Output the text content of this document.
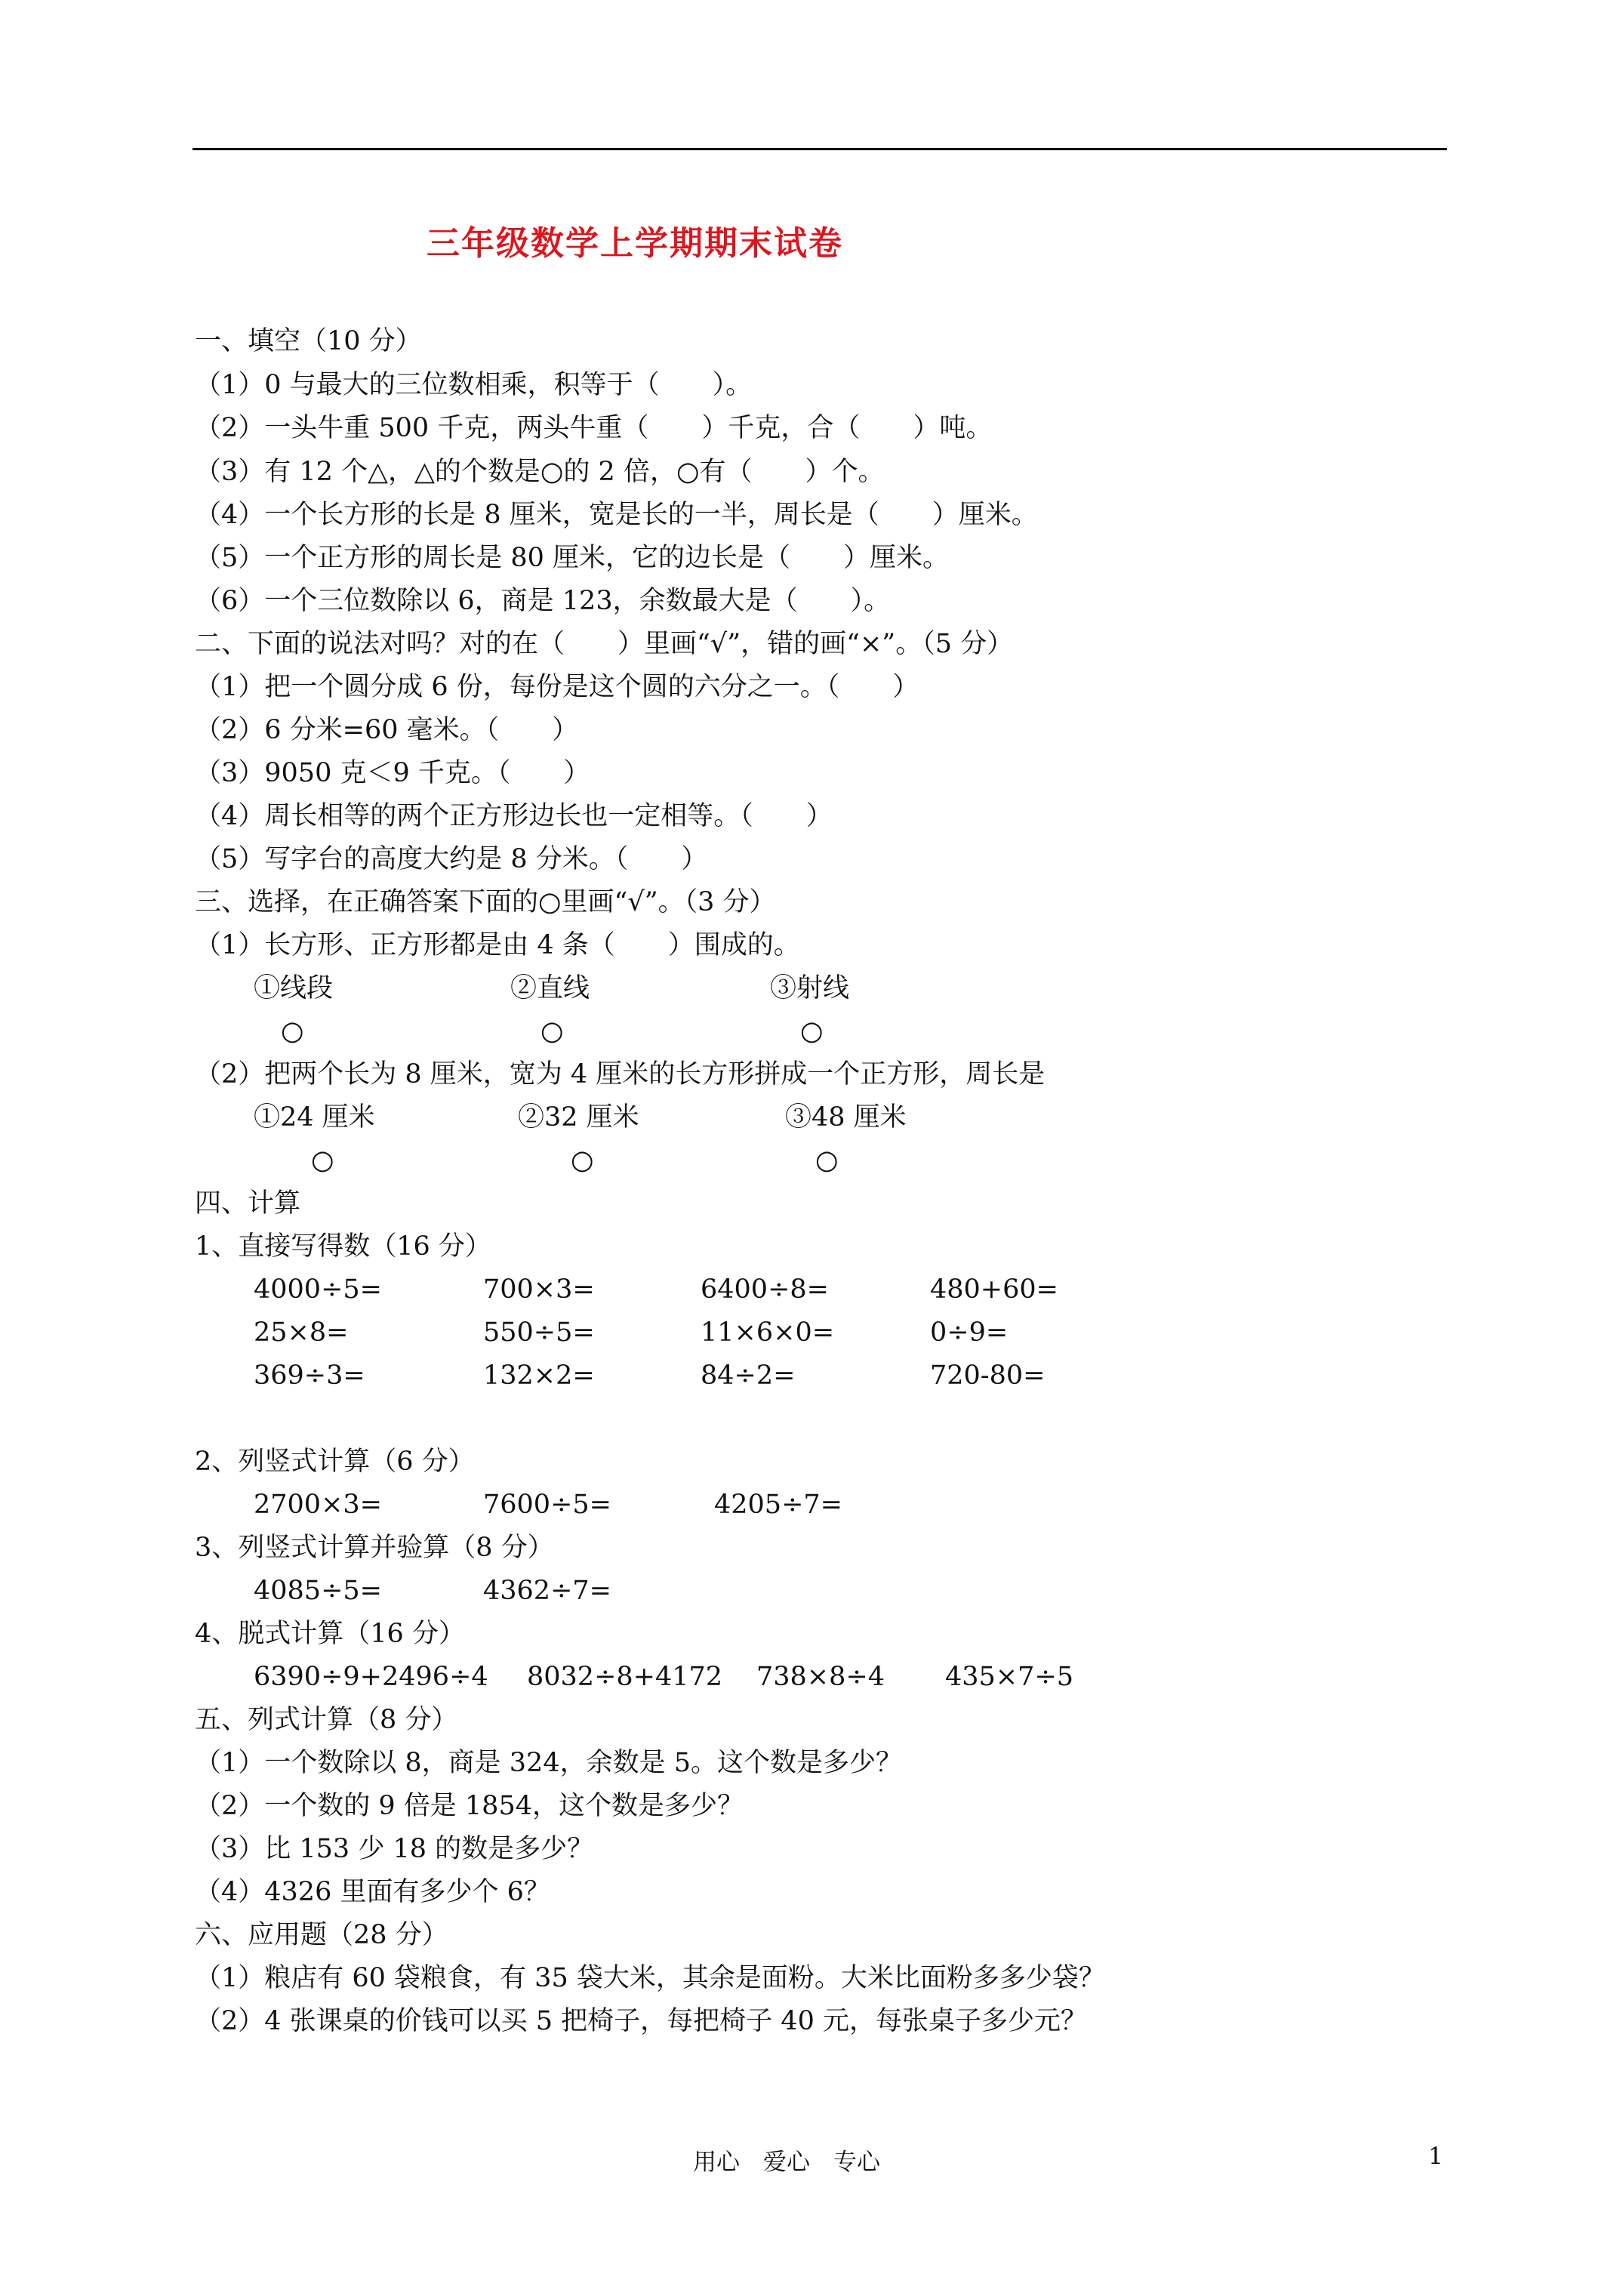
三年级数学上学期期末试卷
一、填空（10 分）
（1）0 与最大的三位数相乘，积等于（　　）。
（2）一头牛重 500 千克，两头牛重（　　）千克，合（　　）吨。
（3）有 12 个△，△的个数是○的 2 倍，○有（　　）个。
（4）一个长方形的长是 8 厘米，宽是长的一半，周长是（　　）厘米。
（5）一个正方形的周长是 80 厘米，它的边长是（　　）厘米。
（6）一个三位数除以 6，商是 123，余数最大是（　　）。
二、下面的说法对吗？对的在（　　）里画“√”，错的画“×”。（5 分）
（1）把一个圆分成 6 份，每份是这个圆的六分之一。（　　）
（2）6 分米=60 毫米。（　　）
（3）9050 克＜9 千克。（　　）
（4）周长相等的两个正方形边长也一定相等。（　　）
（5）写字台的高度大约是 8 分米。（　　）
三、选择，在正确答案下面的○里画“√”。（3 分）
（1）长方形、正方形都是由 4 条（　　）围成的。
①线段	②直线	③射线
○	○	○
（2）把两个长为 8 厘米，宽为 4 厘米的长方形拼成一个正方形，周长是
①24 厘米	②32 厘米	③48 厘米
○	○	○
四、计算
1、直接写得数（16 分）
4000÷5=	700×3=	6400÷8=	480+60=
25×8=	550÷5=	11×6×0=	0÷9=
369÷3=	132×2=	84÷2=	720-80=
2、列竖式计算（6 分）
2700×3=	7600÷5=	4205÷7=
3、列竖式计算并验算（8 分）
4085÷5=	4362÷7=
4、脱式计算（16 分）
6390÷9+2496÷4 8032÷8+4172 738×8÷4 435×7÷5
五、列式计算（8 分）
（1）一个数除以 8，商是 324，余数是 5。这个数是多少？
（2）一个数的 9 倍是 1854，这个数是多少？
（3）比 153 少 18 的数是多少？
（4）4326 里面有多少个 6？
六、应用题（28 分）
（1）粮店有 60 袋粮食，有 35 袋大米，其余是面粉。大米比面粉多多少袋？
（2）4 张课桌的价钱可以买 5 把椅子，每把椅子 40 元，每张桌子多少元？
用心　爱心　专心	1
